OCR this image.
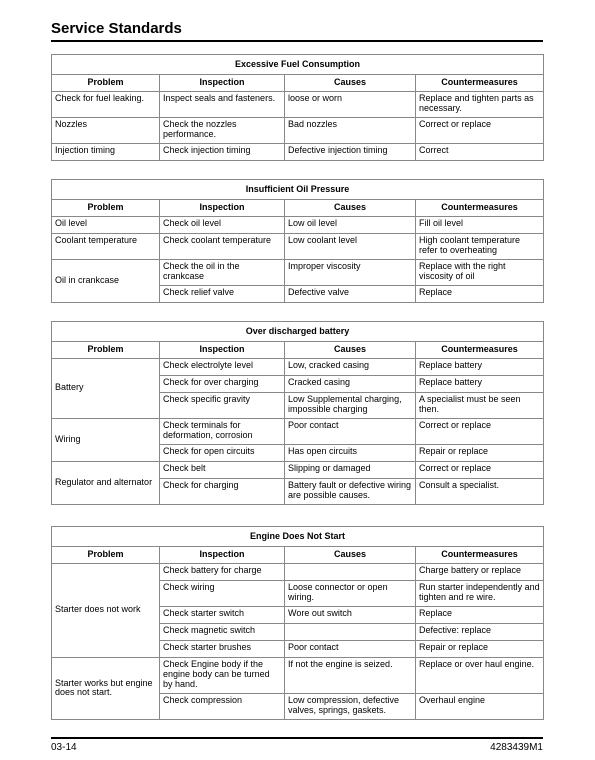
Service Standards
Excessive Fuel Consumption			
Problem	Inspection	Causes	Countermeasures
Check for fuel leaking.	Inspect seals and fasteners.	loose or worn	Replace and tighten parts as necessary.
Nozzles	Check the nozzles performance.	Bad nozzles	Correct or replace
Injection timing	Check injection timing	Defective injection timing	Correct
Insufficient Oil Pressure			
Problem	Inspection	Causes	Countermeasures
Oil level	Check oil level	Low oil level	Fill oil level
Coolant temperature	Check coolant temperature	Low coolant level	High coolant temperature refer to overheating
Oil in crankcase	Check the oil in the crankcase	Improper viscosity	Replace with the right viscosity of oil
	Check relief valve	Defective valve	Replace
Over discharged battery			
Problem	Inspection	Causes	Countermeasures
Battery	Check electrolyte level	Low, cracked casing	Replace battery
	Check for over charging	Cracked casing	Replace battery
	Check specific gravity	Low Supplemental charging, impossible charging	A specialist must be seen then.
Wiring	Check terminals for deformation, corrosion	Poor contact	Correct or replace
	Check for open circuits	Has open circuits	Repair or replace
Regulator and alternator	Check belt	Slipping or damaged	Correct or replace
	Check for charging	Battery fault or defective wiring are possible causes.	Consult a specialist.
Engine Does Not Start			
Problem	Inspection	Causes	Countermeasures
Starter does not work	Check battery for charge		Charge battery or replace
	Check wiring	Loose connector or open wiring.	Run starter independently and tighten and re wire.
	Check starter switch	Wore out switch	Replace
	Check magnetic switch		Defective: replace
	Check starter brushes	Poor contact	Repair or replace
Starter works but engine does not start.	Check Engine body if the engine body can be turned by hand.	If not the engine is seized.	Replace or over haul engine.
	Check compression	Low compression, defective valves, springs, gaskets.	Overhaul engine
03-14	4283439M1
